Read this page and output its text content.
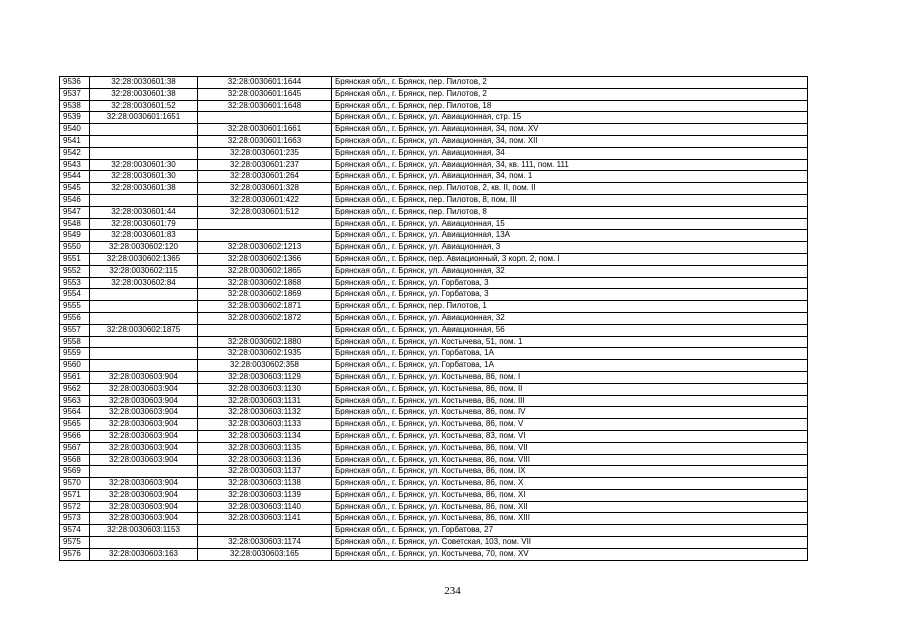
9536	32:28:0030601:38	32:28:0030601:1644	Брянская обл., г. Брянск, пер. Пилотов, 2
9537	32:28:0030601:38	32:28:0030601:1645	Брянская обл., г. Брянск, пер. Пилотов, 2
9538	32:28:0030601:52	32:28:0030601:1648	Брянская обл., г. Брянск, пер. Пилотов, 18
9539	32:28:0030601:1651		Брянская обл., г. Брянск, ул. Авиационная, стр. 15
9540		32:28:0030601:1661	Брянская обл., г. Брянск, ул. Авиационная, 34, пом. XV
9541		32:28:0030601:1663	Брянская обл., г. Брянск, ул. Авиационная, 34, пом. XII
9542		32:28:0030601:235	Брянская обл., г. Брянск, ул. Авиационная, 34
9543	32:28:0030601:30	32:28:0030601:237	Брянская обл., г. Брянск, ул. Авиационная, 34, кв. 111, пом. 111
9544	32:28:0030601:30	32:28:0030601:264	Брянская обл., г. Брянск, ул. Авиационная, 34, пом. 1
9545	32:28:0030601:38	32:28:0030601:328	Брянская обл., г. Брянск, пер. Пилотов, 2, кв. II, пом. II
9546		32:28:0030601:422	Брянская обл., г. Брянск, пер. Пилотов, 8, пом. III
9547	32:28:0030601:44	32:28:0030601:512	Брянская обл., г. Брянск, пер. Пилотов, 8
9548	32:28:0030601:79		Брянская обл., г. Брянск, ул. Авиационная, 15
9549	32:28:0030601:83		Брянская обл., г. Брянск, ул. Авиационная, 13А
9550	32:28:0030602:120	32:28:0030602:1213	Брянская обл., г. Брянск, ул. Авиационная, 3
9551	32:28:0030602:1365	32:28:0030602:1366	Брянская обл., г. Брянск, пер. Авиационный, 3 корп. 2, пом. I
9552	32:28:0030602:115	32:28:0030602:1865	Брянская обл., г. Брянск, ул. Авиационная, 32
9553	32:28:0030602:84	32:28:0030602:1868	Брянская обл., г. Брянск, ул. Горбатова, 3
9554		32:28:0030602:1869	Брянская обл., г. Брянск, ул. Горбатова, 3
9555		32:28:0030602:1871	Брянская обл., г. Брянск, пер. Пилотов, 1
9556		32:28:0030602:1872	Брянская обл., г. Брянск, ул. Авиационная, 32
9557	32:28:0030602:1875		Брянская обл., г. Брянск, ул. Авиационная, 56
9558		32:28:0030602:1880	Брянская обл., г. Брянск, ул. Костычева, 51, пом. 1
9559		32:28:0030602:1935	Брянская обл., г. Брянск, ул. Горбатова, 1А
9560		32:28:0030602:358	Брянская обл., г. Брянск, ул. Горбатова, 1А
9561	32:28:0030603:904	32:28:0030603:1129	Брянская обл., г. Брянск, ул. Костычева, 86, пом. I
9562	32:28:0030603:904	32:28:0030603:1130	Брянская обл., г. Брянск, ул. Костычева, 86, пом. II
9563	32:28:0030603:904	32:28:0030603:1131	Брянская обл., г. Брянск, ул. Костычева, 86, пом. III
9564	32:28:0030603:904	32:28:0030603:1132	Брянская обл., г. Брянск, ул. Костычева, 86, пом. IV
9565	32:28:0030603:904	32:28:0030603:1133	Брянская обл., г. Брянск, ул. Костычева, 86, пом. V
9566	32:28:0030603:904	32:28:0030603:1134	Брянская обл., г. Брянск, ул. Костычева, 83, пом. VI
9567	32:28:0030603:904	32:28:0030603:1135	Брянская обл., г. Брянск, ул. Костычева, 86, пом. VII
9568	32:28:0030603:904	32:28:0030603:1136	Брянская обл., г. Брянск, ул. Костычева, 86, пом. VIII
9569		32:28:0030603:1137	Брянская обл., г. Брянск, ул. Костычева, 86, пом. IX
9570	32:28:0030603:904	32:28:0030603:1138	Брянская обл., г. Брянск, ул. Костычева, 86, пом. X
9571	32:28:0030603:904	32:28:0030603:1139	Брянская обл., г. Брянск, ул. Костычева, 86, пом. XI
9572	32:28:0030603:904	32:28:0030603:1140	Брянская обл., г. Брянск, ул. Костычева, 86, пом. XII
9573	32:28:0030603:904	32:28:0030603:1141	Брянская обл., г. Брянск, ул. Костычева, 86, пом. XIII
9574	32:28:0030603:1153		Брянская обл., г. Брянск, ул. Горбатова, 27
9575		32:28:0030603:1174	Брянская обл., г. Брянск, ул. Советская, 103, пом. VII
9576	32:28:0030603:163	32:28:0030603:165	Брянская обл., г. Брянск, ул. Костычева, 70, пом. XV
234
